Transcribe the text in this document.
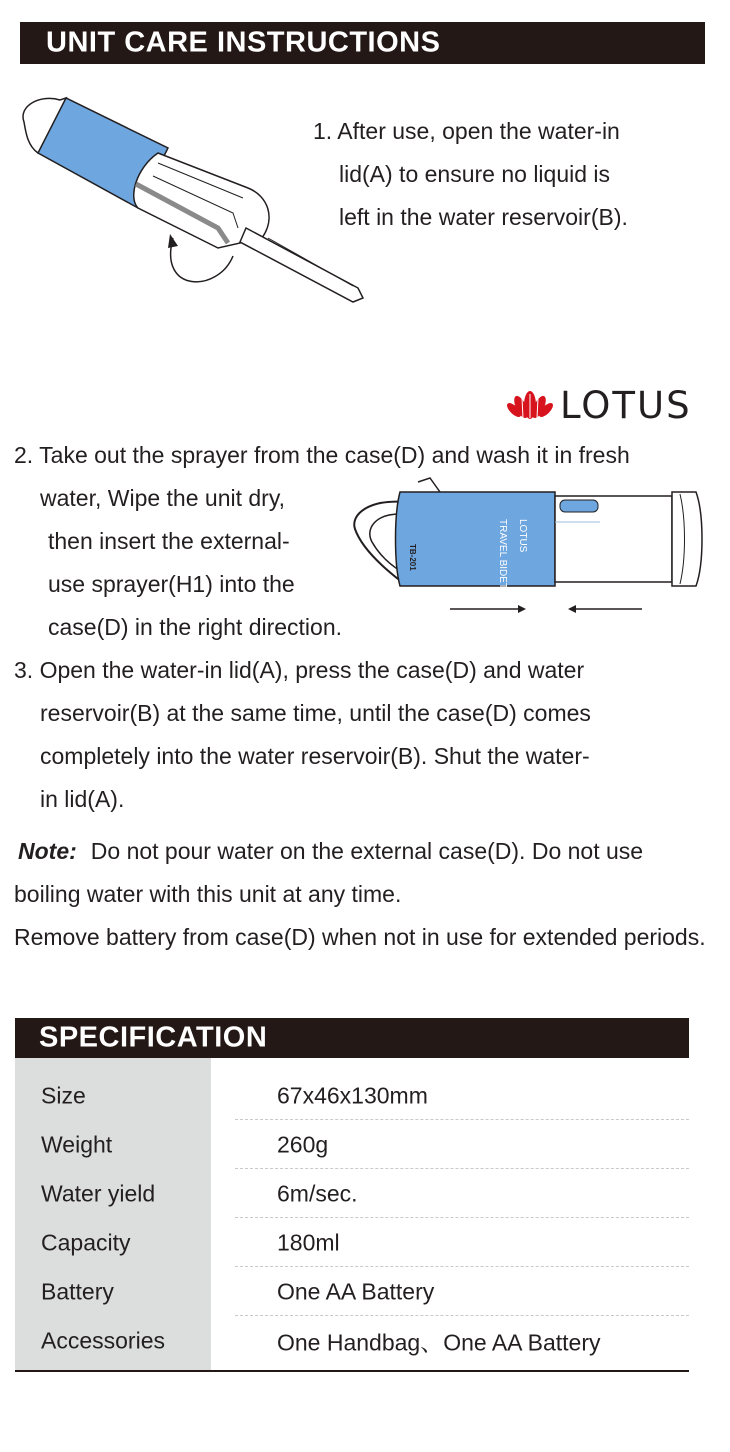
UNIT CARE INSTRUCTIONS
1. After use, open the water-in
lid(A) to ensure no liquid is
left in the water reservoir(B).
LOTUS
2. Take out the sprayer from the case(D) and wash it in fresh
water, Wipe the unit dry,
then insert the external-
use sprayer(H1) into the
case(D) in the right direction.
TRAVEL BIDET LOTUS
TB-201
3. Open the water-in lid(A), press the case(D) and water
reservoir(B) at the same time, until the case(D) comes
completely into the water reservoir(B). Shut the water-
in lid(A).
Note: Do not pour water on the external case(D). Do not use boiling water with this unit at any time.
Remove battery from case(D) when not in use for extended periods.
SPECIFICATION
Size	67x46x130mm
Weight	260g
Water yield	6m/sec.
Capacity	180ml
Battery	One AA Battery
Accessories	One Handbag、One AA Battery
